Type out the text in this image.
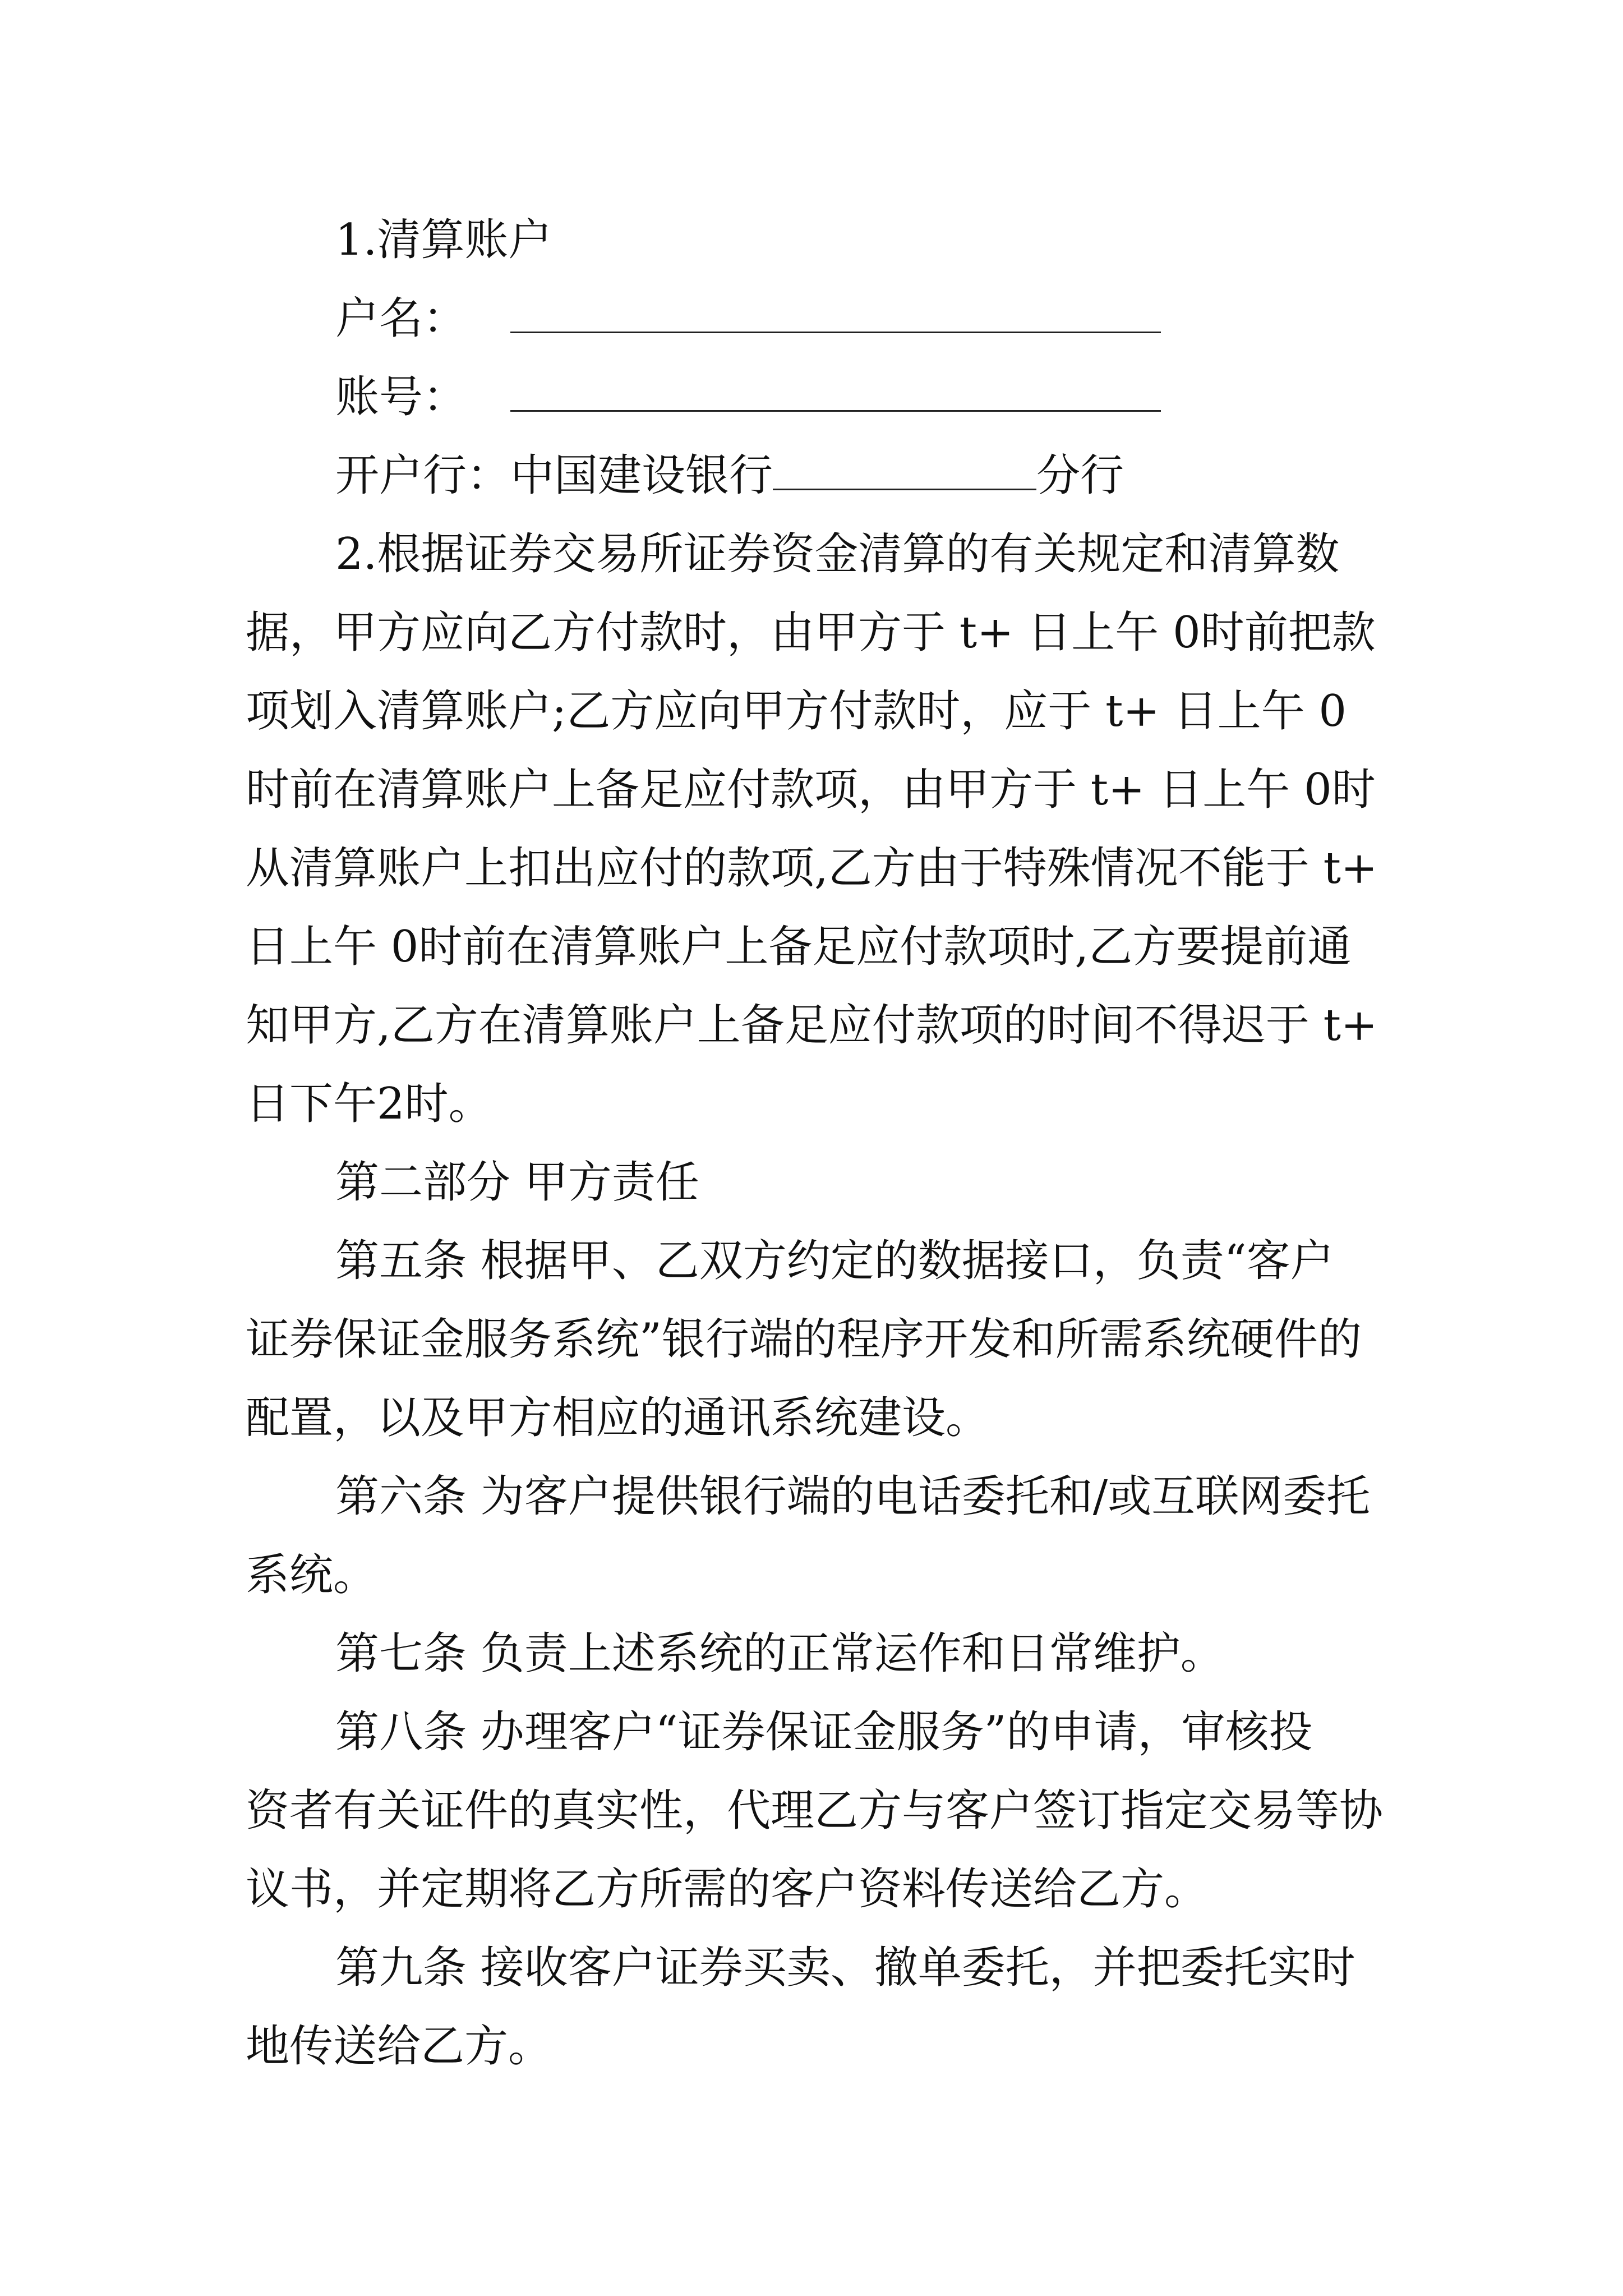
1.清算账户
户名：
账号：
开户行：中国建设银行	分行
2.根据证券交易所证券资金清算的有关规定和清算数
据，甲方应向乙方付款时，由甲方于 t+ 日上午 0时前把款
项划入清算账户;乙方应向甲方付款时，应于 t+ 日上午 0
时前在清算账户上备足应付款项，由甲方于 t+ 日上午 0时
从清算账户上扣出应付的款项,乙方由于特殊情况不能于 t+
日上午 0时前在清算账户上备足应付款项时,乙方要提前通
知甲方,乙方在清算账户上备足应付款项的时间不得迟于 t+
日下午2时。
第二部分 甲方责任
第五条 根据甲、乙双方约定的数据接口，负责“客户
证券保证金服务系统”银行端的程序开发和所需系统硬件的
配置，以及甲方相应的通讯系统建设。
第六条 为客户提供银行端的电话委托和/或互联网委托
系统。
第七条 负责上述系统的正常运作和日常维护。
第八条 办理客户“证券保证金服务”的申请，审核投
资者有关证件的真实性，代理乙方与客户签订指定交易等协
议书，并定期将乙方所需的客户资料传送给乙方。
第九条 接收客户证券买卖、撤单委托，并把委托实时
地传送给乙方。
